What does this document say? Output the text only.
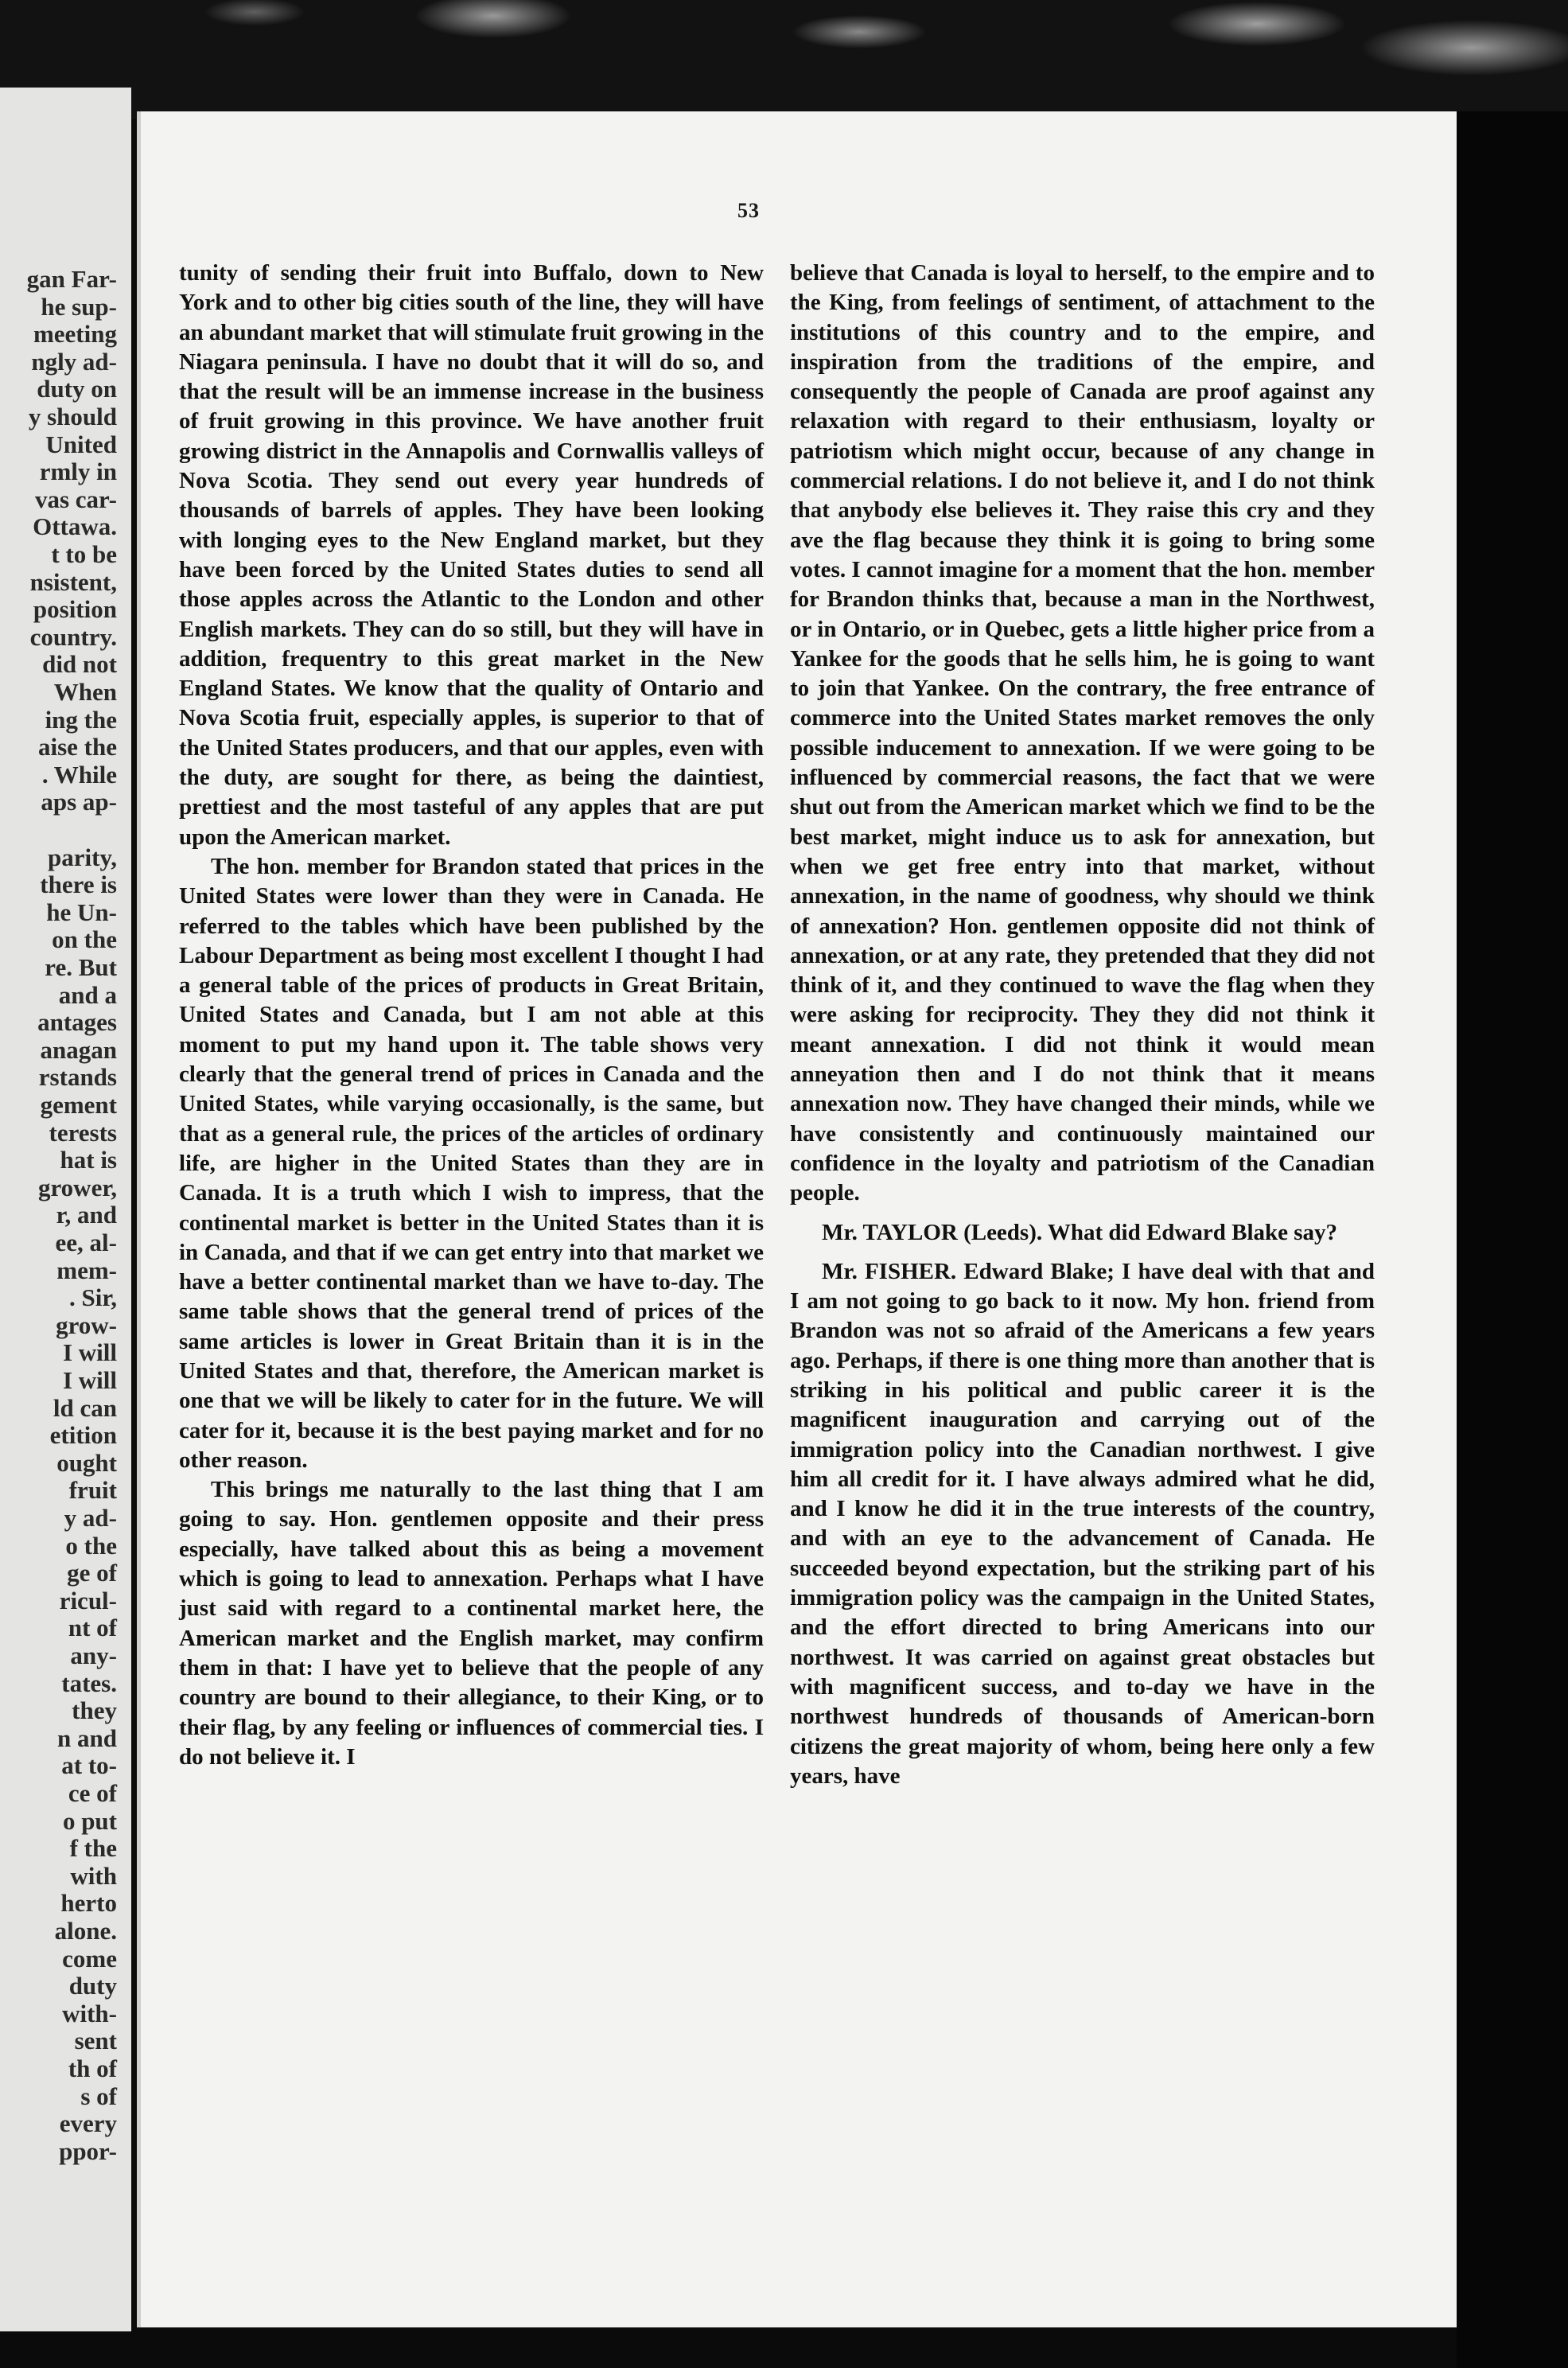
gan Far-
he sup-
meeting
ngly ad-
duty on
y should
United
rmly in
vas car-
Ottawa.
t to be
nsistent,
position
country.
did not
When
ing the
aise the
. While
aps ap-
parity,
there is
he Un-
on the
re. But
and a
antages
anagan
rstands
gement
terests
hat is
grower,
r, and
ee, al-
mem-
. Sir,
grow-
I will
I will
ld can
etition
ought
fruit
y ad-
o the
ge of
ricul-
nt of
any-
tates.
they
n and
at to-
ce of
o put
f the
with
herto
alone.
come
duty
with-
sent
th of
s of
every
ppor-
53

tunity of sending their fruit into Buffalo, down to New York and to other big cities south of the line, they will have an abundant market that will stimulate fruit growing in the Niagara peninsula. I have no doubt that it will do so, and that the result will be an immense increase in the business of fruit growing in this province. We have another fruit growing district in the Annapolis and Cornwallis valleys of Nova Scotia. They send out every year hundreds of thousands of barrels of apples. They have been looking with longing eyes to the New England market, but they have been forced by the United States duties to send all those apples across the Atlantic to the London and other English markets. They can do so still, but they will have in addition, frequentry to this great market in the New England States. We know that the quality of Ontario and Nova Scotia fruit, especially apples, is superior to that of the United States producers, and that our apples, even with the duty, are sought for there, as being the daintiest, prettiest and the most tasteful of any apples that are put upon the American market.

The hon. member for Brandon stated that prices in the United States were lower than they were in Canada. He referred to the tables which have been published by the Labour Department as being most excellent I thought I had a general table of the prices of products in Great Britain, United States and Canada, but I am not able at this moment to put my hand upon it. The table shows very clearly that the general trend of prices in Canada and the United States, while varying occasionally, is the same, but that as a general rule, the prices of the articles of ordinary life, are higher in the United States than they are in Canada. It is a truth which I wish to impress, that the continental market is better in the United States than it is in Canada, and that if we can get entry into that market we have a better continental market than we have to-day. The same table shows that the general trend of prices of the same articles is lower in Great Britain than it is in the United States and that, therefore, the American market is one that we will be likely to cater for in the future. We will cater for it, because it is the best paying market and for no other reason.

This brings me naturally to the last thing that I am going to say. Hon. gentlemen opposite and their press especially, have talked about this as being a movement which is going to lead to annexation. Perhaps what I have just said with regard to a continental market here, the American market and the English market, may confirm them in that: I have yet to believe that the people of any country are bound to their allegiance, to their King, or to their flag, by any feeling or influences of commercial ties. I do not believe it. I

believe that Canada is loyal to herself, to the empire and to the King, from feelings of sentiment, of attachment to the institutions of this country and to the empire, and inspiration from the traditions of the empire, and consequently the people of Canada are proof against any relaxation with regard to their enthusiasm, loyalty or patriotism which might occur, because of any change in commercial relations. I do not believe it, and I do not think that anybody else believes it. They raise this cry and they ave the flag because they think it is going to bring some votes. I cannot imagine for a moment that the hon. member for Brandon thinks that, because a man in the Northwest, or in Ontario, or in Quebec, gets a little higher price from a Yankee for the goods that he sells him, he is going to want to join that Yankee. On the contrary, the free entrance of commerce into the United States market removes the only possible inducement to annexation. If we were going to be influenced by commercial reasons, the fact that we were shut out from the American market which we find to be the best market, might induce us to ask for annexation, but when we get free entry into that market, without annexation, in the name of goodness, why should we think of annexation? Hon. gentlemen opposite did not think of annexation, or at any rate, they pretended that they did not think of it, and they continued to wave the flag when they were asking for reciprocity. They they did not think it meant annexation. I did not think it would mean anneyation then and I do not think that it means annexation now. They have changed their minds, while we have consistently and continuously maintained our confidence in the loyalty and patriotism of the Canadian people.

Mr. TAYLOR (Leeds). What did Edward Blake say?

Mr. FISHER. Edward Blake; I have deal with that and I am not going to go back to it now. My hon. friend from Brandon was not so afraid of the Americans a few years ago. Perhaps, if there is one thing more than another that is striking in his political and public career it is the magnificent inauguration and carrying out of the immigration policy into the Canadian northwest. I give him all credit for it. I have always admired what he did, and I know he did it in the true interests of the country, and with an eye to the advancement of Canada. He succeeded beyond expectation, but the striking part of his immigration policy was the campaign in the United States, and the effort directed to bring Americans into our northwest. It was carried on against great obstacles but with magnificent success, and to-day we have in the northwest hundreds of thousands of American-born citizens the great majority of whom, being here only a few years, have
